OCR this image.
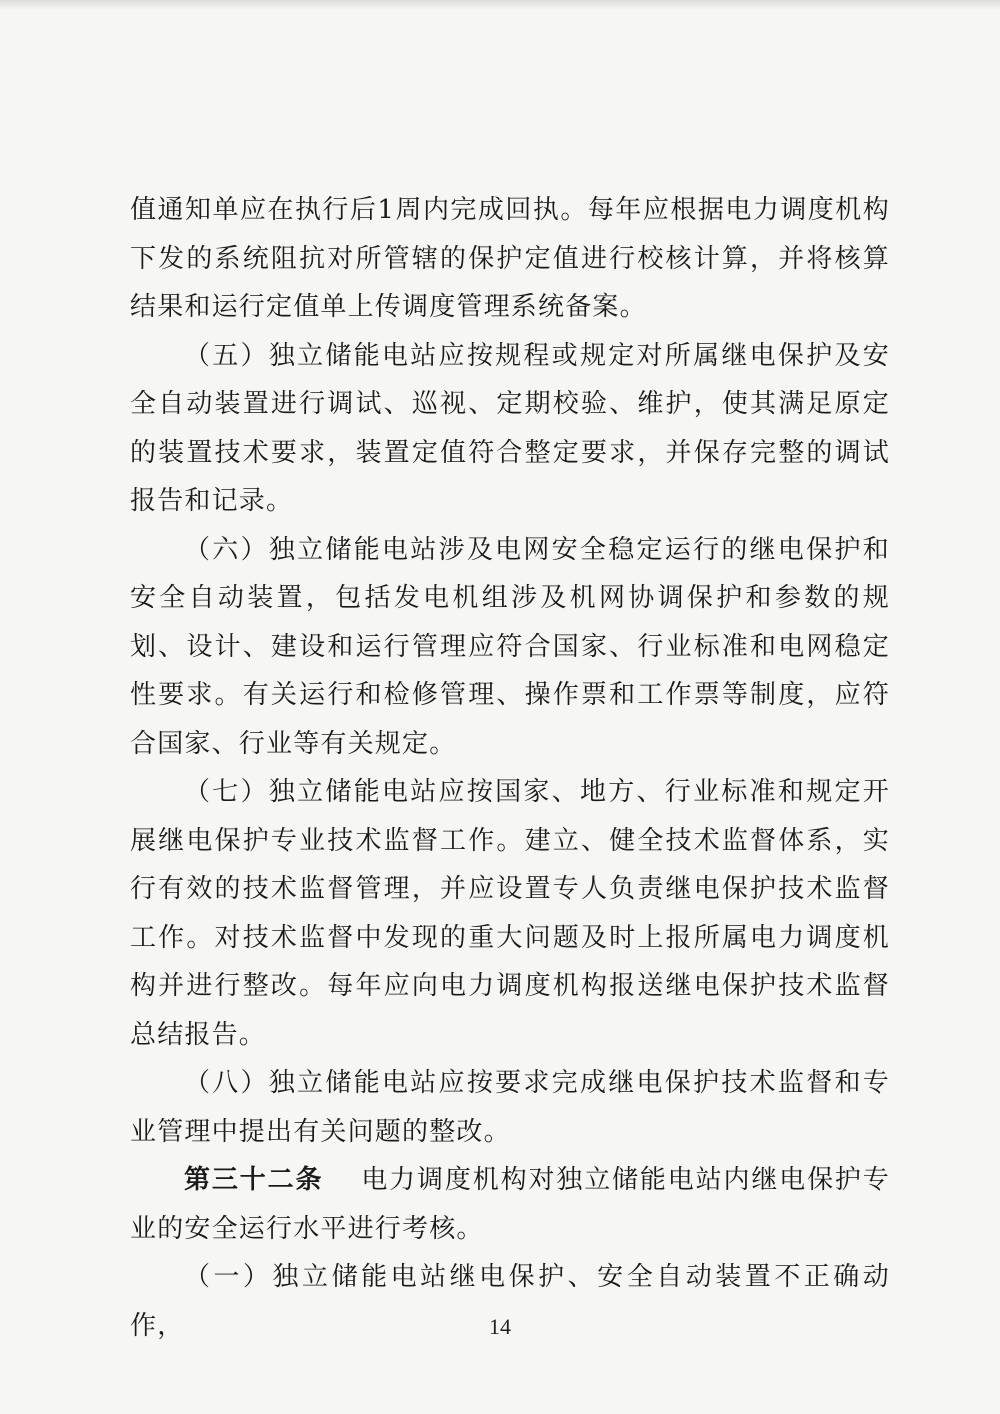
值通知单应在执行后1周内完成回执。每年应根据电力调度机构下发的系统阻抗对所管辖的保护定值进行校核计算，并将核算结果和运行定值单上传调度管理系统备案。

（五）独立储能电站应按规程或规定对所属继电保护及安全自动装置进行调试、巡视、定期校验、维护，使其满足原定的装置技术要求，装置定值符合整定要求，并保存完整的调试报告和记录。

（六）独立储能电站涉及电网安全稳定运行的继电保护和安全自动装置，包括发电机组涉及机网协调保护和参数的规划、设计、建设和运行管理应符合国家、行业标准和电网稳定性要求。有关运行和检修管理、操作票和工作票等制度，应符合国家、行业等有关规定。

（七）独立储能电站应按国家、地方、行业标准和规定开展继电保护专业技术监督工作。建立、健全技术监督体系，实行有效的技术监督管理，并应设置专人负责继电保护技术监督工作。对技术监督中发现的重大问题及时上报所属电力调度机构并进行整改。每年应向电力调度机构报送继电保护技术监督总结报告。

（八）独立储能电站应按要求完成继电保护技术监督和专业管理中提出有关问题的整改。

第三十二条 电力调度机构对独立储能电站内继电保护专业的安全运行水平进行考核。

（一）独立储能电站继电保护、安全自动装置不正确动作，	14
